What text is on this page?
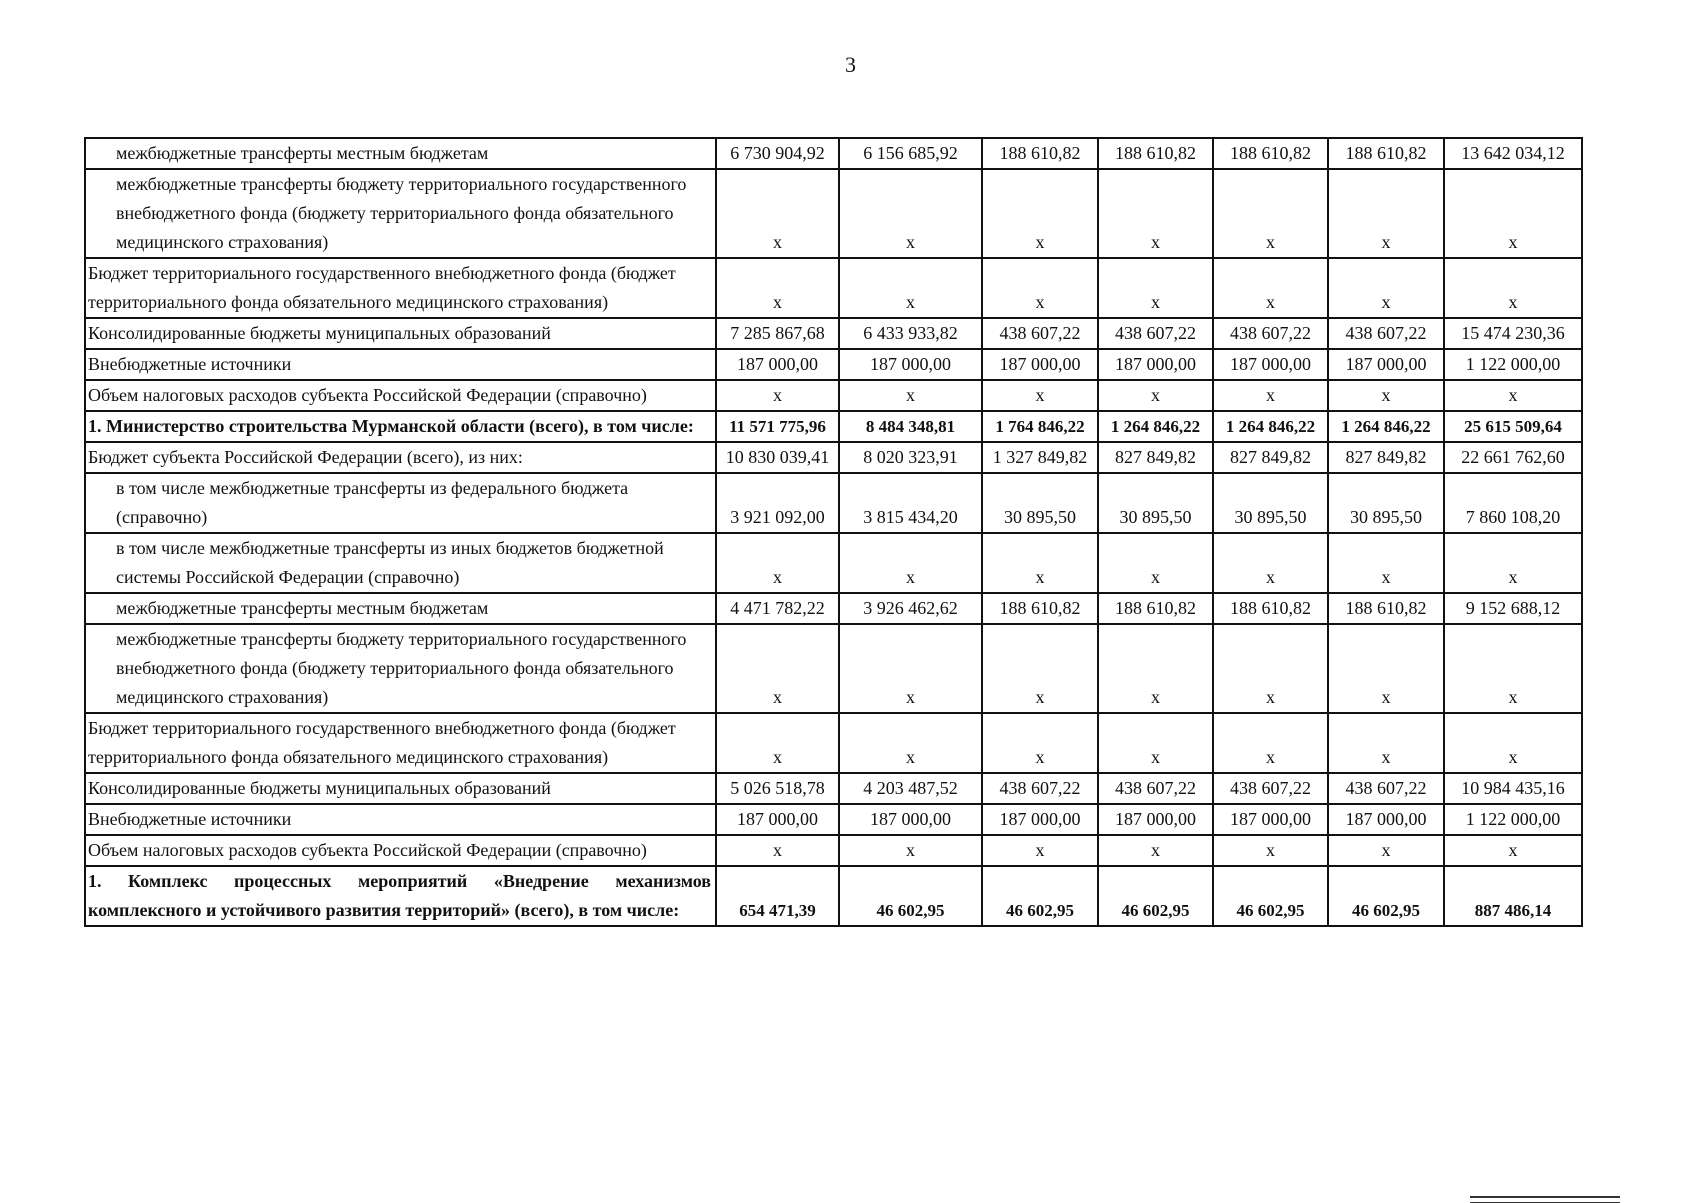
3
межбюджетные трансферты местным бюджетам	6 730 904,92	6 156 685,92	188 610,82	188 610,82	188 610,82	188 610,82	13 642 034,12
межбюджетные трансферты бюджету территориального государственного внебюджетного фонда (бюджету территориального фонда обязательного медицинского страхования)	x	x	x	x	x	x	x
Бюджет территориального государственного внебюджетного фонда (бюджет территориального фонда обязательного медицинского страхования)	x	x	x	x	x	x	x
Консолидированные бюджеты муниципальных образований	7 285 867,68	6 433 933,82	438 607,22	438 607,22	438 607,22	438 607,22	15 474 230,36
Внебюджетные источники	187 000,00	187 000,00	187 000,00	187 000,00	187 000,00	187 000,00	1 122 000,00
Объем налоговых расходов субъекта Российской Федерации (справочно)	x	x	x	x	x	x	x
1. Министерство строительства Мурманской области (всего), в том числе:	11 571 775,96	8 484 348,81	1 764 846,22	1 264 846,22	1 264 846,22	1 264 846,22	25 615 509,64
Бюджет субъекта Российской Федерации (всего), из них:	10 830 039,41	8 020 323,91	1 327 849,82	827 849,82	827 849,82	827 849,82	22 661 762,60
в том числе межбюджетные трансферты из федерального бюджета (справочно)	3 921 092,00	3 815 434,20	30 895,50	30 895,50	30 895,50	30 895,50	7 860 108,20
в том числе межбюджетные трансферты из иных бюджетов бюджетной системы Российской Федерации (справочно)	x	x	x	x	x	x	x
межбюджетные трансферты местным бюджетам	4 471 782,22	3 926 462,62	188 610,82	188 610,82	188 610,82	188 610,82	9 152 688,12
межбюджетные трансферты бюджету территориального государственного внебюджетного фонда (бюджету территориального фонда обязательного медицинского страхования)	x	x	x	x	x	x	x
Бюджет территориального государственного внебюджетного фонда (бюджет территориального фонда обязательного медицинского страхования)	x	x	x	x	x	x	x
Консолидированные бюджеты муниципальных образований	5 026 518,78	4 203 487,52	438 607,22	438 607,22	438 607,22	438 607,22	10 984 435,16
Внебюджетные источники	187 000,00	187 000,00	187 000,00	187 000,00	187 000,00	187 000,00	1 122 000,00
Объем налоговых расходов субъекта Российской Федерации (справочно)	x	x	x	x	x	x	x
1. Комплекс процессных мероприятий «Внедрение механизмов комплексного и устойчивого развития территорий» (всего), в том числе:	654 471,39	46 602,95	46 602,95	46 602,95	46 602,95	46 602,95	887 486,14
